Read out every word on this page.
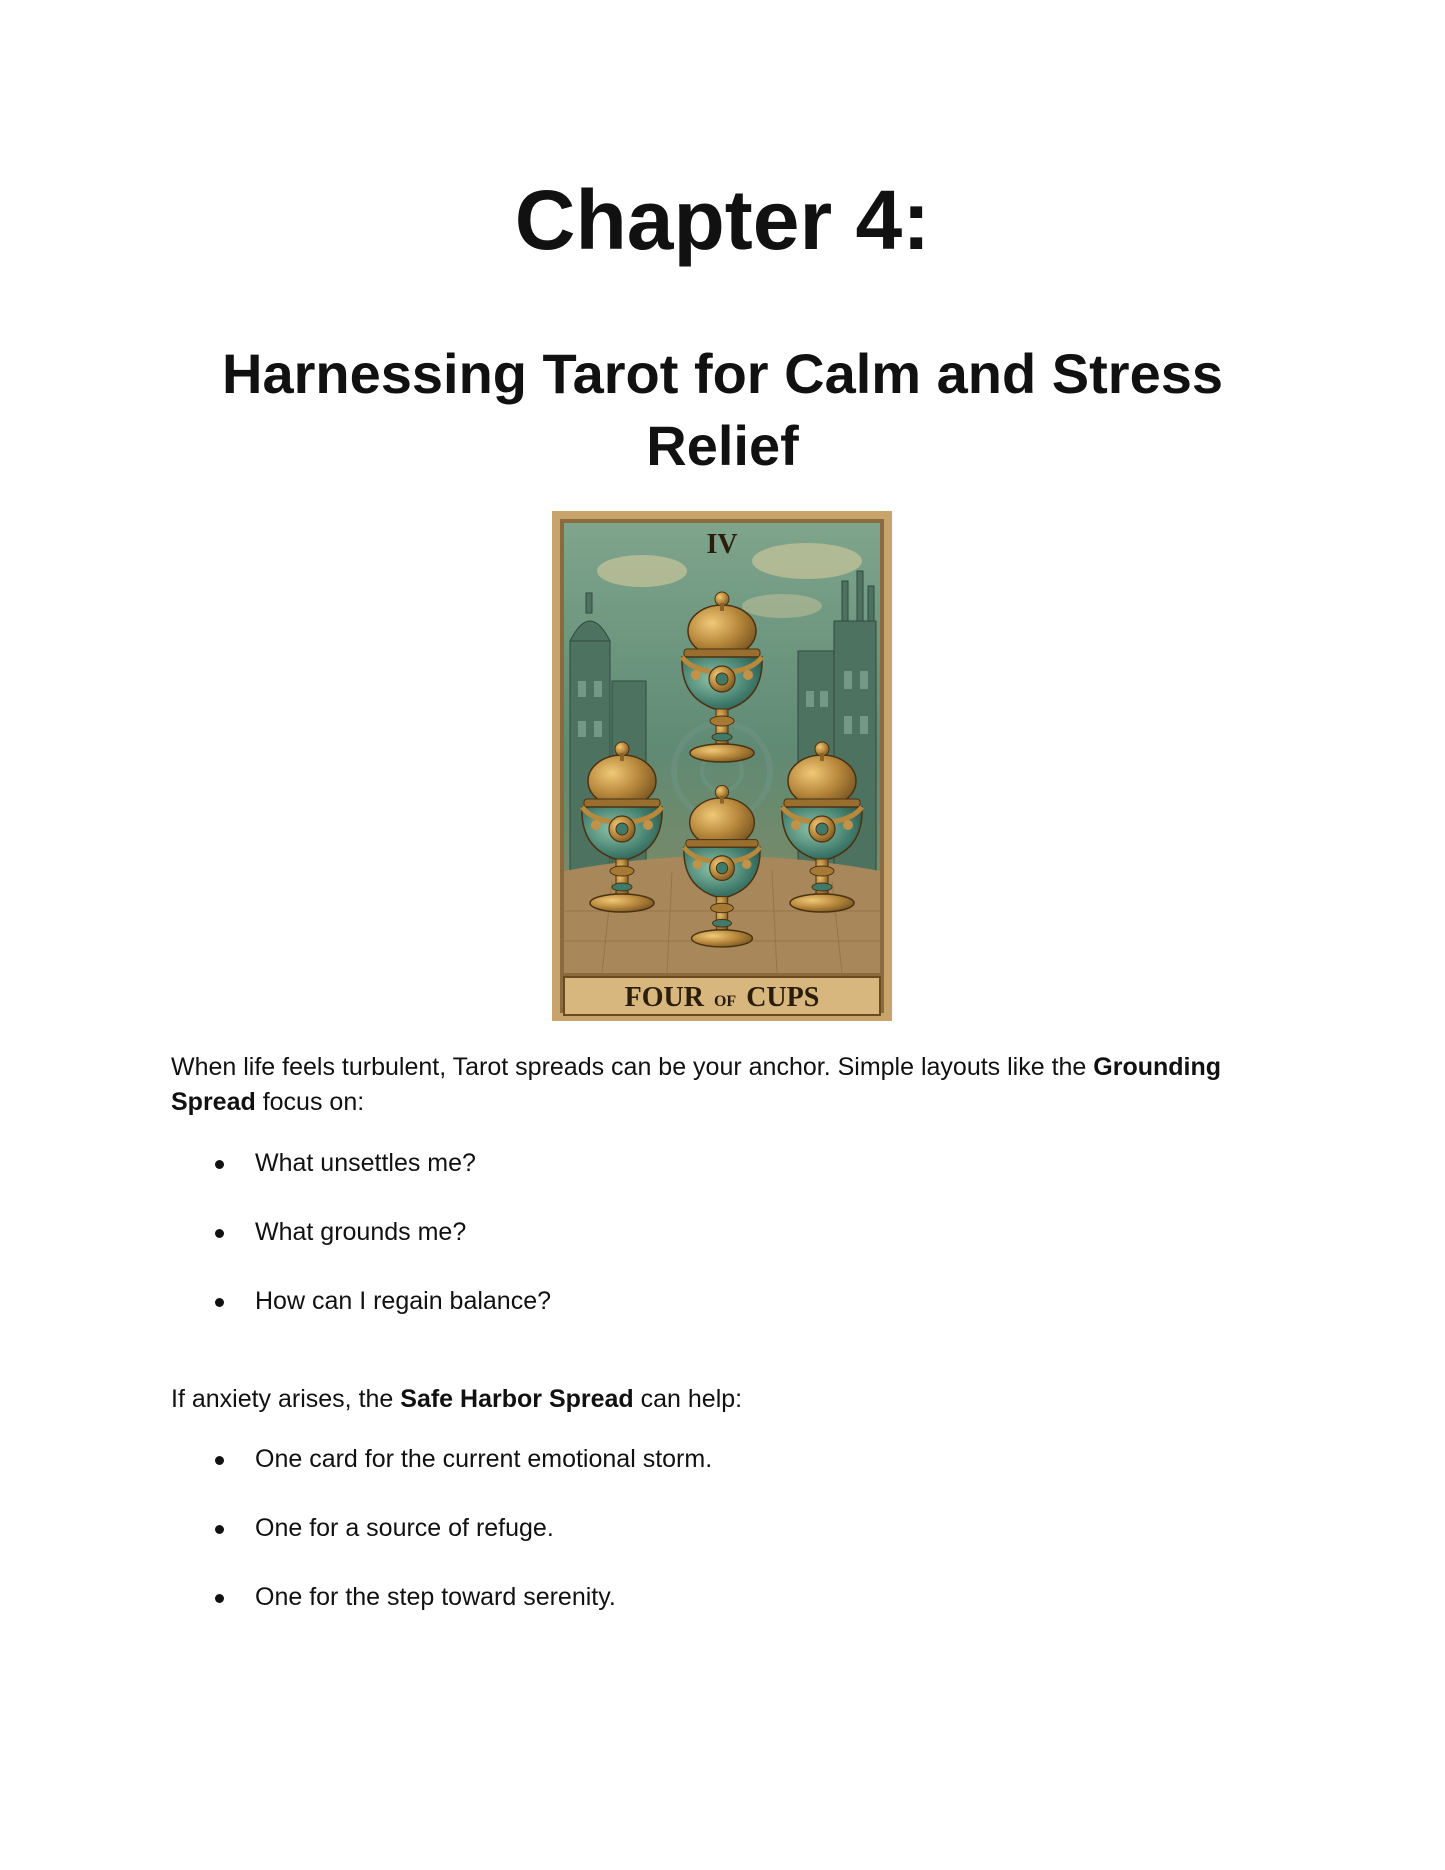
Chapter 4:
Harnessing Tarot for Calm and Stress Relief
IV
FOUR OF CUPS

When life feels turbulent, Tarot spreads can be your anchor. Simple layouts like the Grounding Spread focus on:

What unsettles me?
What grounds me?
How can I regain balance?

If anxiety arises, the Safe Harbor Spread can help:

One card for the current emotional storm.
One for a source of refuge.
One for the step toward serenity.
